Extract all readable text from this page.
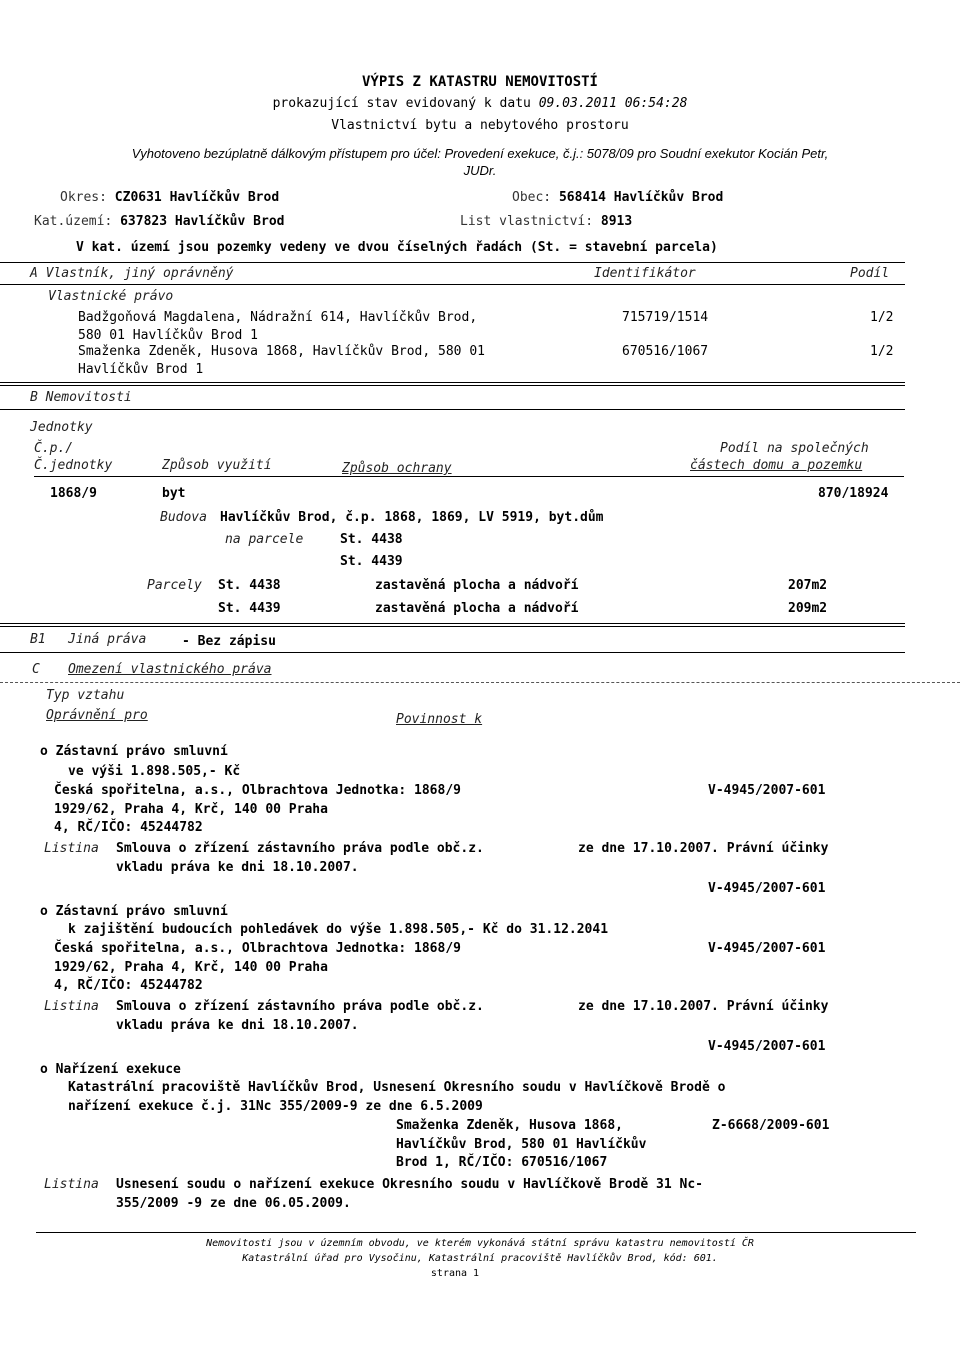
VÝPIS Z KATASTRU NEMOVITOSTÍ
prokazující stav evidovaný k datu 09.03.2011 06:54:28
Vlastnictví bytu a nebytového prostoru
Vyhotoveno bezúplatně dálkovým přístupem pro účel: Provedení exekuce, č.j.: 5078/09 pro Soudní exekutor Kocián Petr,
JUDr.
Okres: CZ0631 Havlíčkův Brod	Obec: 568414 Havlíčkův Brod
Kat.území: 637823 Havlíčkův Brod	List vlastnictví: 8913
V kat. území jsou pozemky vedeny ve dvou číselných řadách (St. = stavební parcela)
A Vlastník, jiný oprávněný	Identifikátor	Podíl
Vlastnické právo
Badžgoňová Magdalena, Nádražní 614, Havlíčkův Brod,
580 01 Havlíčkův Brod 1
715719/1514	1/2
Smaženka Zdeněk, Husova 1868, Havlíčkův Brod, 580 01
Havlíčkův Brod 1
670516/1067	1/2
B Nemovitosti
Jednotky
Č.p./
Č.jednotky	Způsob využití	Způsob ochrany
Podíl na společných
částech domu a pozemku
1868/9	byt	870/18924
Budova Havlíčkův Brod, č.p. 1868, 1869, LV 5919, byt.dům
na parcele	St. 4438
St. 4439
Parcely St. 4438	zastavěná plocha a nádvoří	207m2
St. 4439	zastavěná plocha a nádvoří	209m2
B1 Jiná práva	- Bez zápisu
C Omezení vlastnického práva
Typ vztahu
Oprávnění pro	Povinnost k
o Zástavní právo smluvní
ve výši 1.898.505,- Kč
Česká spořitelna, a.s., Olbrachtova Jednotka: 1868/9
1929/62, Praha 4, Krč, 140 00 Praha
4, RČ/IČO: 45244782
V-4945/2007-601
Listina Smlouva o zřízení zástavního práva podle obč.z.	ze dne 17.10.2007. Právní účinky
vkladu práva ke dni 18.10.2007.
V-4945/2007-601
o Zástavní právo smluvní
k zajištění budoucích pohledávek do výše 1.898.505,- Kč do 31.12.2041
Česká spořitelna, a.s., Olbrachtova Jednotka: 1868/9
1929/62, Praha 4, Krč, 140 00 Praha
4, RČ/IČO: 45244782
V-4945/2007-601
Listina Smlouva o zřízení zástavního práva podle obč.z.	ze dne 17.10.2007. Právní účinky
vkladu práva ke dni 18.10.2007.
V-4945/2007-601
o Nařízení exekuce
Katastrální pracoviště Havlíčkův Brod, Usnesení Okresního soudu v Havlíčkově Brodě o
nařízení exekuce č.j. 31Nc 355/2009-9 ze dne 6.5.2009
Smaženka Zdeněk, Husova 1868,
Havlíčkův Brod, 580 01 Havlíčkův
Brod 1, RČ/IČO: 670516/1067
Z-6668/2009-601
Listina Usnesení soudu o nařízení exekuce Okresního soudu v Havlíčkově Brodě 31 Nc-
355/2009 -9 ze dne 06.05.2009.
Nemovitosti jsou v územním obvodu, ve kterém vykonává státní správu katastru nemovitostí ČR
Katastrální úřad pro Vysočinu, Katastrální pracoviště Havlíčkův Brod, kód: 601.
strana 1
